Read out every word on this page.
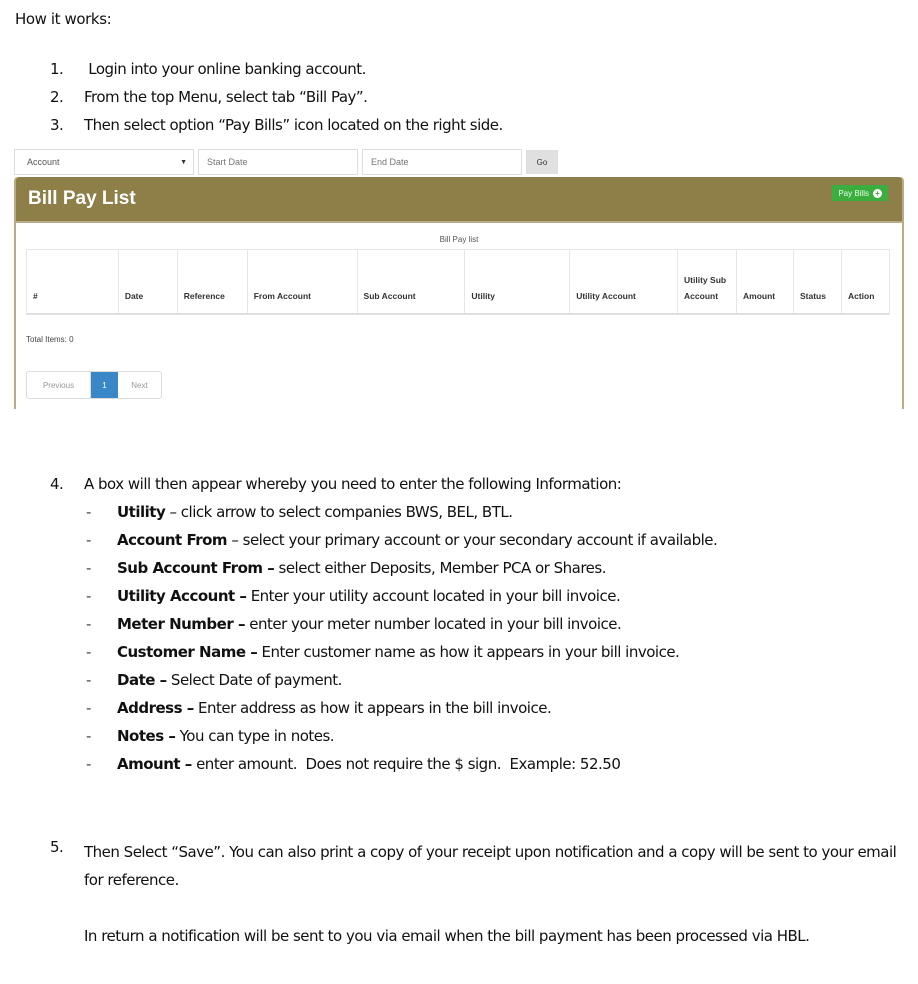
How it works:
1.	Login into your online banking account.
2.	From the top Menu, select tab “Bill Pay”.
3.	Then select option “Pay Bills” icon located on the right side.
Account	▼
Start Date
End Date	Go
Bill Pay List	Pay Bills +
Bill Pay list
#	Date	Reference	From Account	Sub Account	Utility	Utility Account	Utility Sub Account	Amount	Status	Action
Total Items: 0
Previous	1	Next
4.	A box will then appear whereby you need to enter the following Information:
-	Utility – click arrow to select companies BWS, BEL, BTL.
-	Account From – select your primary account or your secondary account if available.
-	Sub Account From –
select either Deposits, Member PCA or Shares.
-	Utility Account –
Enter your utility account located in your bill invoice.
-	Meter Number –
enter your meter number located in your bill invoice.
-	Customer Name –
Enter customer name as how it appears in your bill invoice.
-	Date –
Select Date of payment.
-	Address –
Enter address as how it appears in the bill invoice.
-	Notes –
You can type in notes.
-	Amount –
enter amount.  Does not require the $ sign.  Example: 52.50
5.	Then Select “Save”. You can also print a copy of your receipt upon notification and a copy will be sent to your email for reference.

In return a notification will be sent to you via email when the bill payment has been processed via HBL.
